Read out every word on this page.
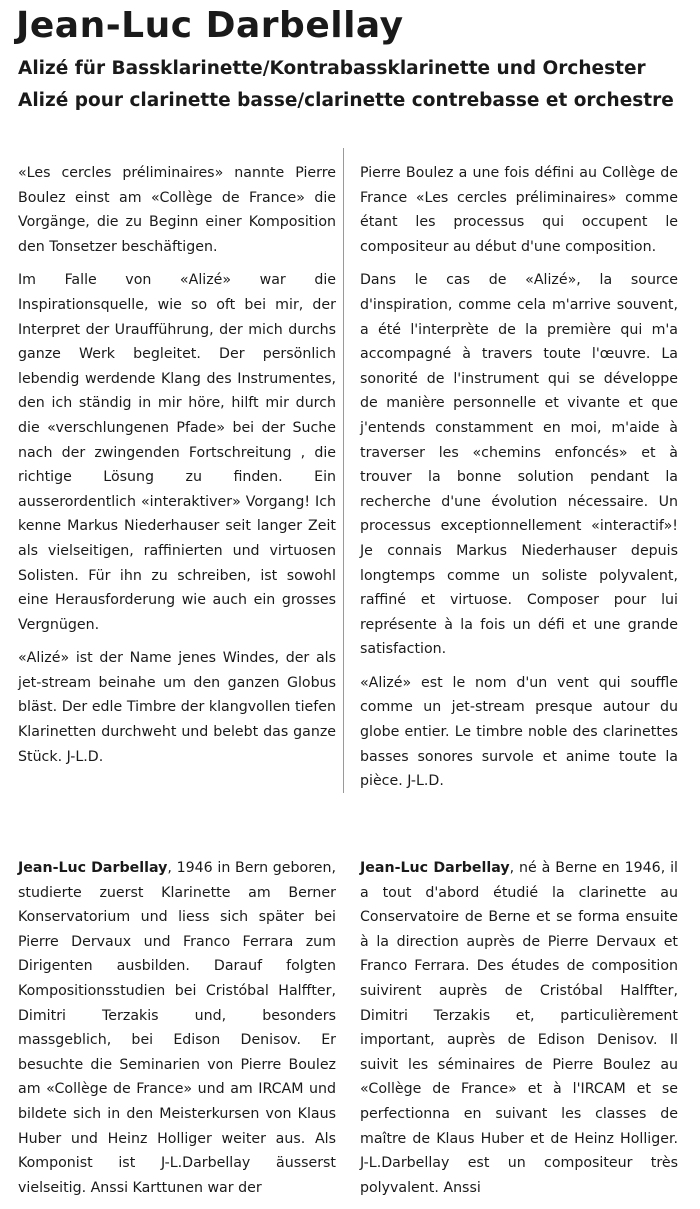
Jean-Luc Darbellay
Alizé für Bassklarinette/Kontrabassklarinette und Orchester
Alizé pour clarinette basse/clarinette contrebasse et orchestre

«Les cercles préliminaires» nannte Pierre Boulez einst am «Collège de France» die Vorgänge, die zu Beginn einer Komposition den Tonsetzer beschäftigen.

Im Falle von «Alizé» war die Inspirationsquelle, wie so oft bei mir, der Interpret der Uraufführung, der mich durchs ganze Werk begleitet. Der persönlich lebendig werdende Klang des Instrumentes, den ich ständig in mir höre, hilft mir durch die «verschlungenen Pfade» bei der Suche nach der zwingenden Fortschreitung , die richtige Lösung zu finden. Ein ausserordentlich «interaktiver» Vorgang! Ich kenne Markus Niederhauser seit langer Zeit als vielseitigen, raffinierten und virtuosen Solisten. Für ihn zu schreiben, ist sowohl eine Herausforderung wie auch ein grosses Vergnügen.

«Alizé» ist der Name jenes Windes, der als jet-stream beinahe um den ganzen Globus bläst. Der edle Timbre der klangvollen tiefen Klarinetten durchweht und belebt das ganze Stück. J-L.D.

Pierre Boulez a une fois défini au Collège de France «Les cercles préliminaires» comme étant les processus qui occupent le compositeur au début d'une composition.

Dans le cas de «Alizé», la source d'inspiration, comme cela m'arrive souvent, a été l'interprète de la première qui m'a accompagné à travers toute l'œuvre. La sonorité de l'instrument qui se développe de manière personnelle et vivante et que j'entends constamment en moi, m'aide à traverser les «chemins enfoncés» et à trouver la bonne solution pendant la recherche d'une évolution nécessaire. Un processus exceptionnellement «interactif»! Je connais Markus Niederhauser depuis longtemps comme un soliste polyvalent, raffiné et virtuose. Composer pour lui représente à la fois un défi et une grande satisfaction.

«Alizé» est le nom d'un vent qui souffle comme un jet-stream presque autour du globe entier. Le timbre noble des clarinettes basses sonores survole et anime toute la pièce. J-L.D.

Jean-Luc Darbellay, 1946 in Bern geboren, studierte zuerst Klarinette am Berner Konservatorium und liess sich später bei Pierre Dervaux und Franco Ferrara zum Dirigenten ausbilden. Darauf folgten Kompositionsstudien bei Cristóbal Halffter, Dimitri Terzakis und, besonders massgeblich, bei Edison Denisov. Er besuchte die Seminarien von Pierre Boulez am «Collège de France» und am IRCAM und bildete sich in den Meisterkursen von Klaus Huber und Heinz Holliger weiter aus. Als Komponist ist J-L.Darbellay äusserst vielseitig. Anssi Karttunen war der

Jean-Luc Darbellay, né à Berne en 1946, il a tout d'abord étudié la clarinette au Conservatoire de Berne et se forma ensuite à la direction auprès de Pierre Dervaux et Franco Ferrara. Des études de composition suivirent auprès de Cristóbal Halffter, Dimitri Terzakis et, particulièrement important, auprès de Edison Denisov. Il suivit les séminaires de Pierre Boulez au «Collège de France» et à l'IRCAM et se perfectionna en suivant les classes de maître de Klaus Huber et de Heinz Holliger. J-L.Darbellay est un compositeur très polyvalent. Anssi
